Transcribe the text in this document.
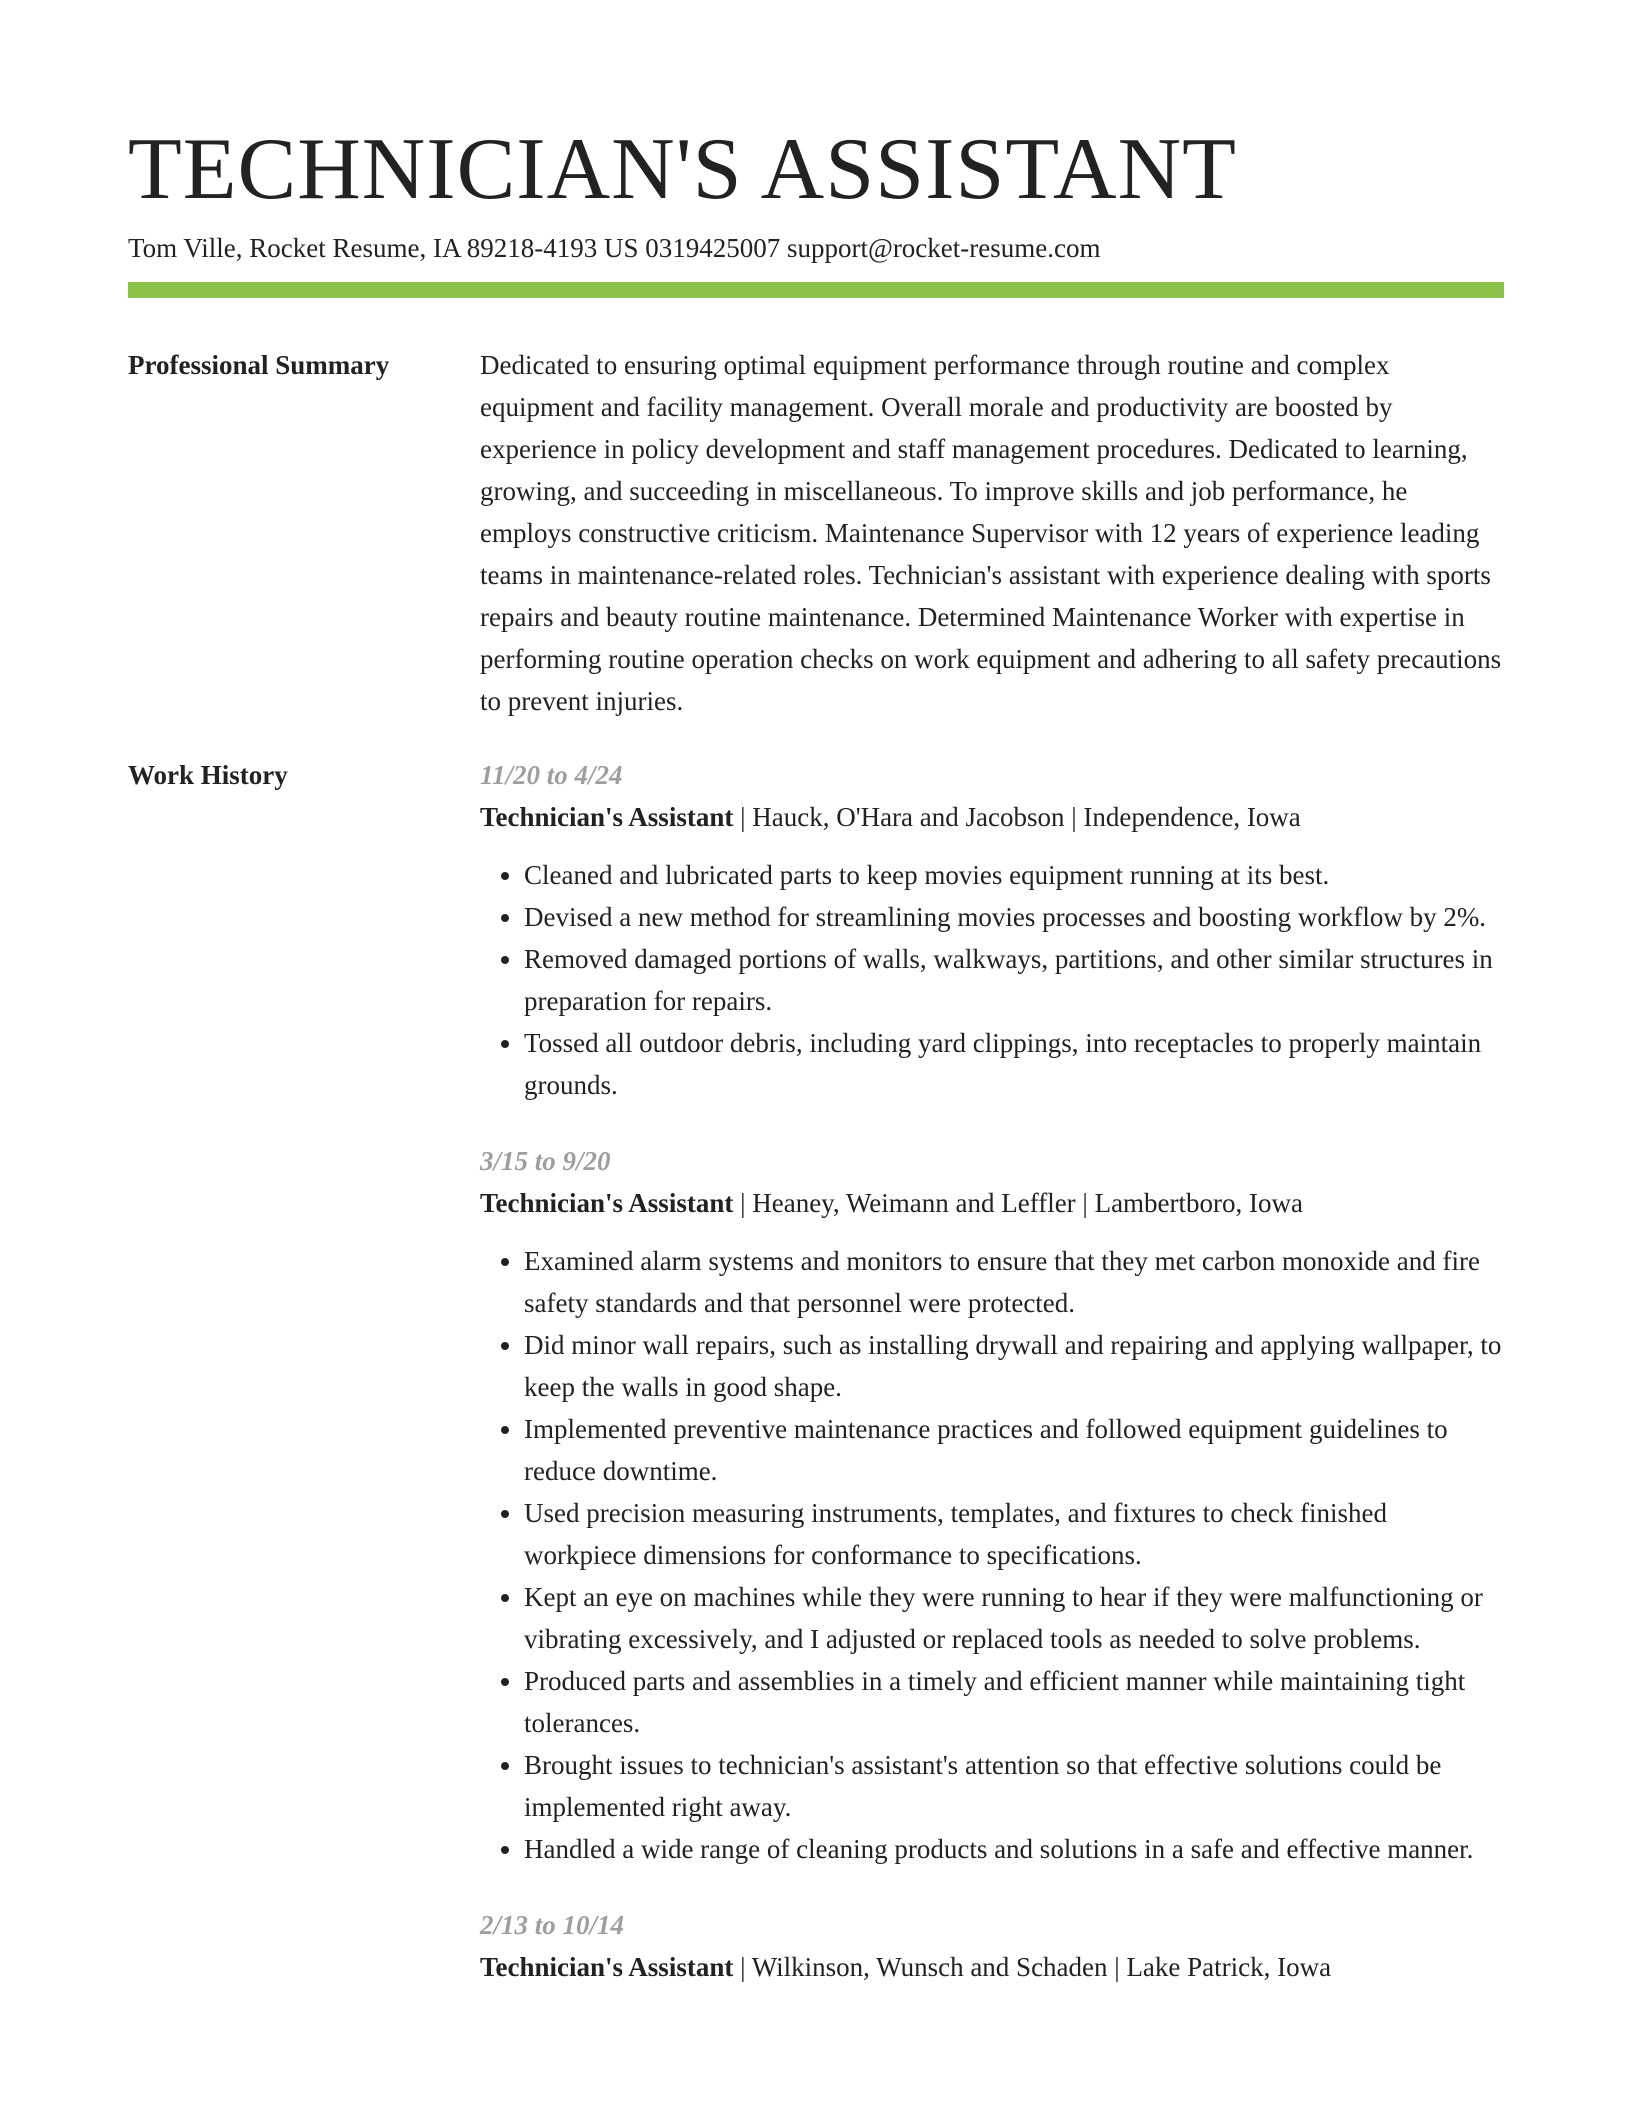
TECHNICIAN'S ASSISTANT
Tom Ville, Rocket Resume, IA 89218-4193 US 0319425007 support@rocket-resume.com
Professional Summary	Dedicated to ensuring optimal equipment performance through routine and complex equipment and facility management. Overall morale and productivity are boosted by experience in policy development and staff management procedures. Dedicated to learning, growing, and succeeding in miscellaneous. To improve skills and job performance, he employs constructive criticism. Maintenance Supervisor with 12 years of experience leading teams in maintenance-related roles. Technician's assistant with experience dealing with sports repairs and beauty routine maintenance. Determined Maintenance Worker with expertise in performing routine operation checks on work equipment and adhering to all safety precautions to prevent injuries.

Work History	11/20 to 4/24
Technician's Assistant | Hauck, O'Hara and Jacobson | Independence, Iowa
• Cleaned and lubricated parts to keep movies equipment running at its best.
• Devised a new method for streamlining movies processes and boosting workflow by 2%.
• Removed damaged portions of walls, walkways, partitions, and other similar structures in preparation for repairs.
• Tossed all outdoor debris, including yard clippings, into receptacles to properly maintain grounds.
3/15 to 9/20
Technician's Assistant | Heaney, Weimann and Leffler | Lambertboro, Iowa
• Examined alarm systems and monitors to ensure that they met carbon monoxide and fire safety standards and that personnel were protected.
• Did minor wall repairs, such as installing drywall and repairing and applying wallpaper, to keep the walls in good shape.
• Implemented preventive maintenance practices and followed equipment guidelines to reduce downtime.
• Used precision measuring instruments, templates, and fixtures to check finished workpiece dimensions for conformance to specifications.
• Kept an eye on machines while they were running to hear if they were malfunctioning or vibrating excessively, and I adjusted or replaced tools as needed to solve problems.
• Produced parts and assemblies in a timely and efficient manner while maintaining tight tolerances.
• Brought issues to technician's assistant's attention so that effective solutions could be implemented right away.
• Handled a wide range of cleaning products and solutions in a safe and effective manner.
2/13 to 10/14
Technician's Assistant | Wilkinson, Wunsch and Schaden | Lake Patrick, Iowa
